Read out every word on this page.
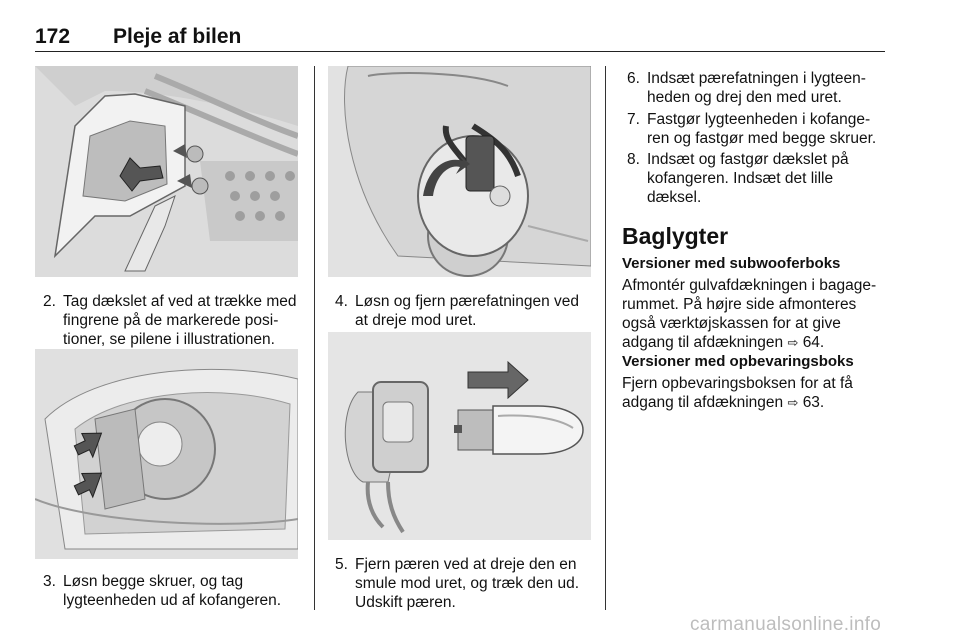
172 Pleje af bilen
2. Tag dækslet af ved at trække med
fingrene på de markerede posi-
tioner, se pilene i illustrationen.
3. Løsn begge skruer, og tag
lygteenheden ud af kofangeren.
4. Løsn og fjern pærefatningen ved
at dreje mod uret.
5. Fjern pæren ved at dreje den en
smule mod uret, og træk den ud.
Udskift pæren.
6. Indsæt pærefatningen i lygteen-
heden og drej den med uret.
7. Fastgør lygteenheden i kofange-
ren og fastgør med begge skruer.
8. Indsæt og fastgør dækslet på
kofangeren. Indsæt det lille
dæksel.
Baglygter
Versioner med subwooferboks
Afmontér gulvafdækningen i bagage-
rummet. På højre side afmonteres
også værktøjskassen for at give
adgang til afdækningen ⇨ 64.
Versioner med opbevaringsboks
Fjern opbevaringsboksen for at få
adgang til afdækningen ⇨ 63.
carmanualsonline.info
